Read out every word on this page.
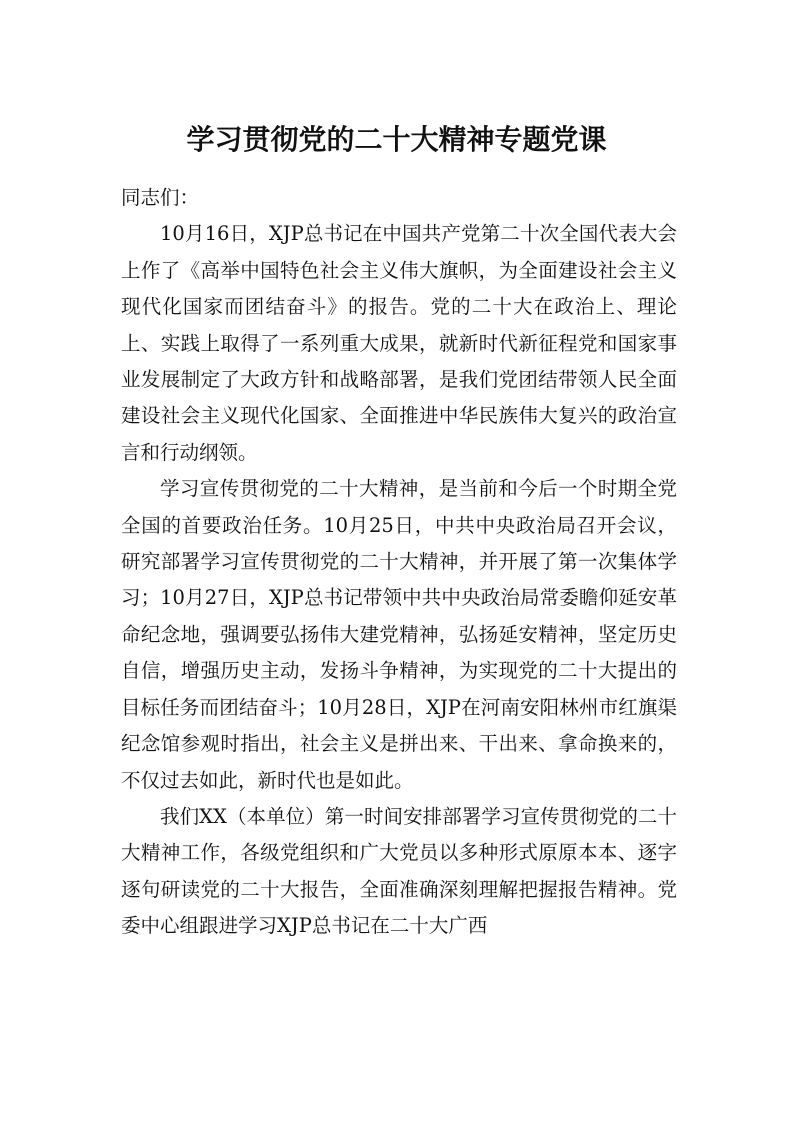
学习贯彻党的二十大精神专题党课

同志们：

10月16日，XJP总书记在中国共产党第二十次全国代表大会上作了《高举中国特色社会主义伟大旗帜，为全面建设社会主义现代化国家而团结奋斗》的报告。党的二十大在政治上、理论上、实践上取得了一系列重大成果，就新时代新征程党和国家事业发展制定了大政方针和战略部署，是我们党团结带领人民全面建设社会主义现代化国家、全面推进中华民族伟大复兴的政治宣言和行动纲领。

学习宣传贯彻党的二十大精神，是当前和今后一个时期全党全国的首要政治任务。10月25日，中共中央政治局召开会议，研究部署学习宣传贯彻党的二十大精神，并开展了第一次集体学习；10月27日，XJP总书记带领中共中央政治局常委瞻仰延安革命纪念地，强调要弘扬伟大建党精神，弘扬延安精神，坚定历史自信，增强历史主动，发扬斗争精神，为实现党的二十大提出的目标任务而团结奋斗；10月28日，XJP在河南安阳林州市红旗渠纪念馆参观时指出，社会主义是拼出来、干出来、拿命换来的，不仅过去如此，新时代也是如此。

我们XX（本单位）第一时间安排部署学习宣传贯彻党的二十大精神工作，各级党组织和广大党员以多种形式原原本本、逐字逐句研读党的二十大报告，全面准确深刻理解把握报告精神。党委中心组跟进学习XJP总书记在二十大广西
